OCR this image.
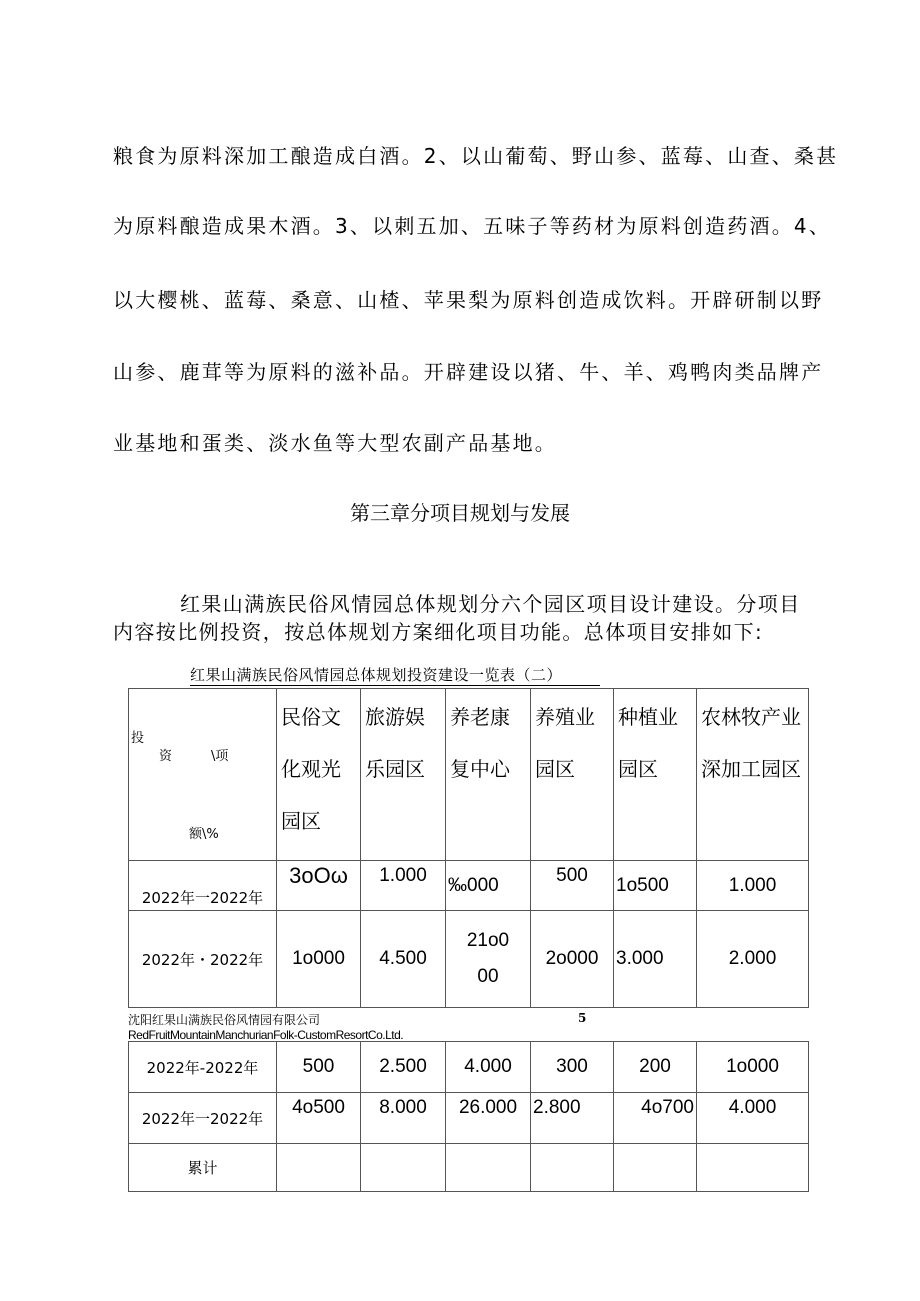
粮食为原料深加工酿造成白酒。2、以山葡萄、野山参、蓝莓、山查、桑甚
为原料酿造成果木酒。3、以刺五加、五味子等药材为原料创造药酒。4、
以大樱桃、蓝莓、桑意、山楂、苹果梨为原料创造成饮料。开辟研制以野
山参、鹿茸等为原料的滋补品。开辟建设以猪、牛、羊、鸡鸭肉类品牌产
业基地和蛋类、淡水鱼等大型农副产品基地。
第三章分项目规划与发展
红果山满族民俗风情园总体规划分六个园区项目设计建设。分项目
内容按比例投资，按总体规划方案细化项目功能。总体项目安排如下:
红果山满族民俗风情园总体规划投资建设一览表（二）
投
资 \项
额\%	民俗文化观光园区	旅游娱乐园区	养老康复中心	养殖业园区	种植业园区	农林牧产业深加工园区
2022年一2022年	3oOω	1.000	‰000	500	1o500	1.000
2022年・2022年	1o000	4.500	21o000	2o000	3.000	2.000
沈阳红果山满族民俗风情园有限公司	5
RedFruitMountainManchurianFolk-CustomResortCo.Ltd.
2022年-2022年	500	2.500	4.000	300	200	1o000
2022年一2022年	4o500	8.000	26.000	2.800	4o700	4.000
累计						
